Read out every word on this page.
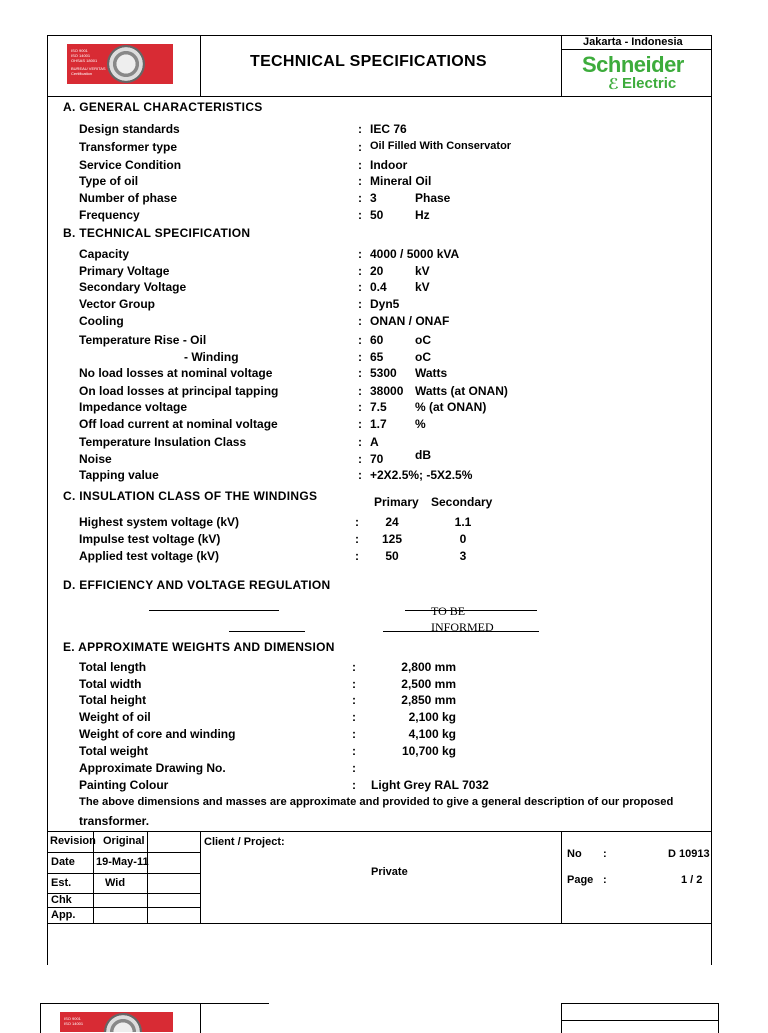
ISO 9001
ISO 14001
OHSAS 18001
BUREAU VERITAS
Certification
TECHNICAL SPECIFICATIONS
Jakarta - Indonesia
Schneider
ℰ Electric
A. GENERAL CHARACTERISTICS
B. TECHNICAL SPECIFICATION
C. INSULATION CLASS OF THE WINDINGS	Primary Secondary
D. EFFICIENCY AND VOLTAGE REGULATION
TO BE
INFORMED
E. APPROXIMATE WEIGHTS AND DIMENSION
The above dimensions and masses are approximate and provided to give a general description of our proposed
transformer.
Revision Original
Date 19-May-11
Est.	Wid
Chk
App.
Client / Project:
Private
No :	D 10913
Page :	1 / 2
ISO 9001
ISO 14001
Design standards	: IEC 76
Transformer type	: Oil Filled With Conservator
Service Condition	: Indoor
Type of oil	: Mineral Oil
Number of phase	: 3	Phase
Frequency	: 50	Hz
Capacity	: 4000 / 5000 kVA
Primary Voltage	: 20	kV
Secondary Voltage	: 0.4 kV
Vector Group	: Dyn5
Cooling	: ONAN / ONAF
Temperature Rise - Oil	: 60	oC
- Winding	: 65	oC
No load losses at nominal voltage	: 5300 Watts
On load losses at principal tapping	: 38000 Watts (at ONAN)
Impedance voltage	: 7.5 % (at ONAN)
Off load current at nominal voltage	: 1.7 %
Temperature Insulation Class	: A
Noise	: 70	dB
Tapping value	: +2X2.5%; -5X2.5%
Highest system voltage (kV)	:	24	1.1
Impulse test voltage (kV)	:	125	0
Applied test voltage (kV)	:	50	3
Total length	:	2,800 mm
Total width	:	2,500 mm
Total height	:	2,850 mm
Weight of oil	:	2,100 kg
Weight of core and winding	:	4,100 kg
Total weight	:	10,700 kg
Approximate Drawing No.	:
Painting Colour	: Light Grey RAL 7032
